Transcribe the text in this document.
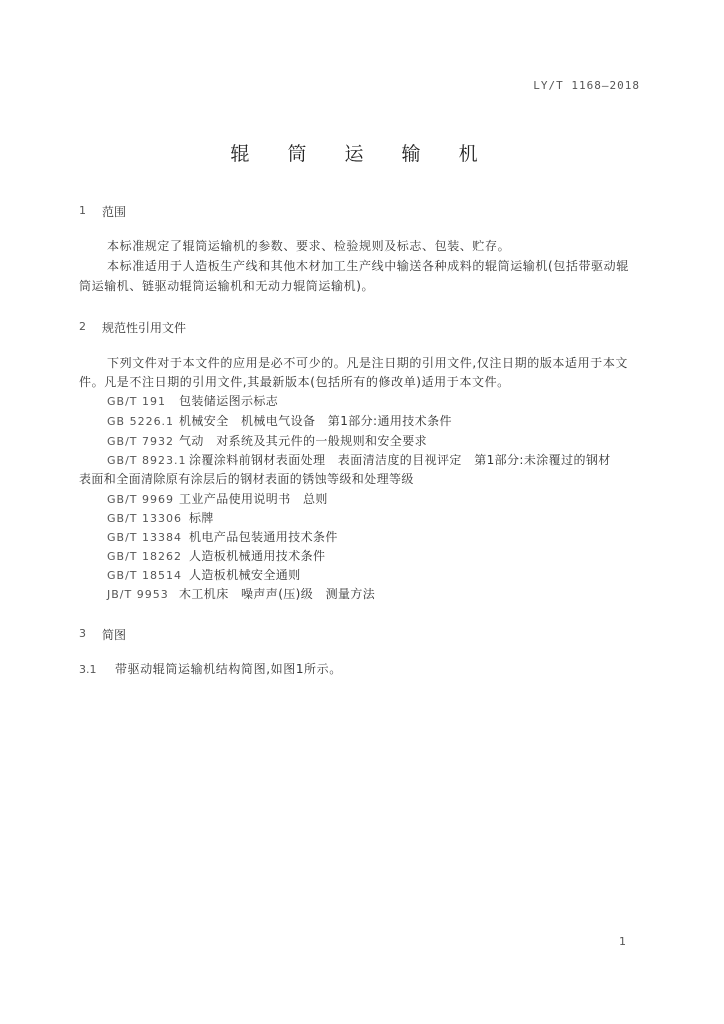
LY/T 1168—2018
辊 筒 运 输 机
1 范围
本标准规定了辊筒运输机的参数、要求、检验规则及标志、包装、贮存。
本标准适用于人造板生产线和其他木材加工生产线中输送各种成料的辊筒运输机(包括带驱动辊
筒运输机、链驱动辊筒运输机和无动力辊筒运输机)。
2 规范性引用文件
下列文件对于本文件的应用是必不可少的。凡是注日期的引用文件,仅注日期的版本适用于本文
件。凡是不注日期的引用文件,其最新版本(包括所有的修改单)适用于本文件。
GB/T 191 包装储运图示标志
GB 5226.1 机械安全　机械电气设备　第1部分:通用技术条件
GB/T 7932 气动　对系统及其元件的一般规则和安全要求
GB/T 8923.1 涂覆涂料前钢材表面处理　表面清洁度的目视评定　第1部分:未涂覆过的钢材
表面和全面清除原有涂层后的钢材表面的锈蚀等级和处理等级
GB/T 9969 工业产品使用说明书　总则
GB/T 13306 标牌
GB/T 13384 机电产品包装通用技术条件
GB/T 18262 人造板机械通用技术条件
GB/T 18514 人造板机械安全通则
JB/T 9953 木工机床　噪声声(压)级　测量方法
3 简图
3.1 带驱动辊筒运输机结构简图,如图1所示。
1
